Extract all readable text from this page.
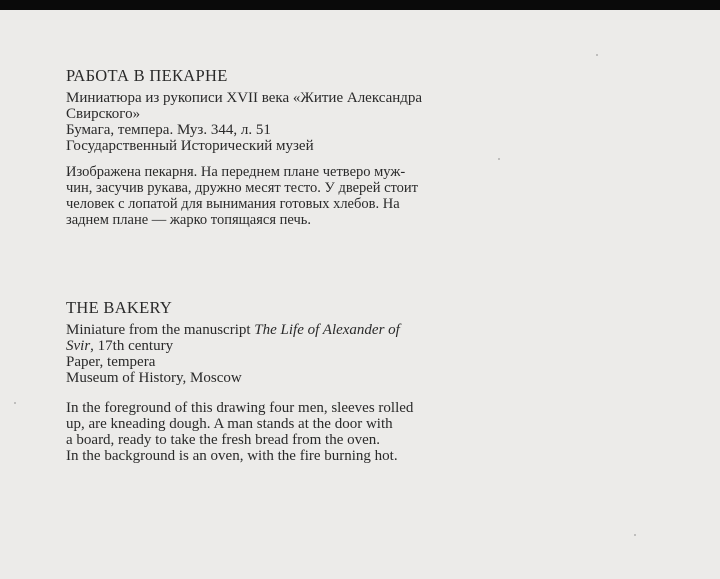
РАБОТА В ПЕКАРНЕ
Миниатюра из рукописи XVII века «Житие Александра
Свирского»
Бумага, темпера. Муз. 344, л. 51
Государственный Исторический музей
Изображена пекарня. На переднем плане четверо муж-
чин, засучив рукава, дружно месят тесто. У дверей стоит
человек с лопатой для вынимания готовых хлебов. На
заднем плане — жарко топящаяся печь.
THE BAKERY
Miniature from the manuscript The Life of Alexander of
Svir, 17th century
Paper, tempera
Museum of History, Moscow
In the foreground of this drawing four men, sleeves rolled
up, are kneading dough. A man stands at the door with
a board, ready to take the fresh bread from the oven.
In the background is an oven, with the fire burning hot.
